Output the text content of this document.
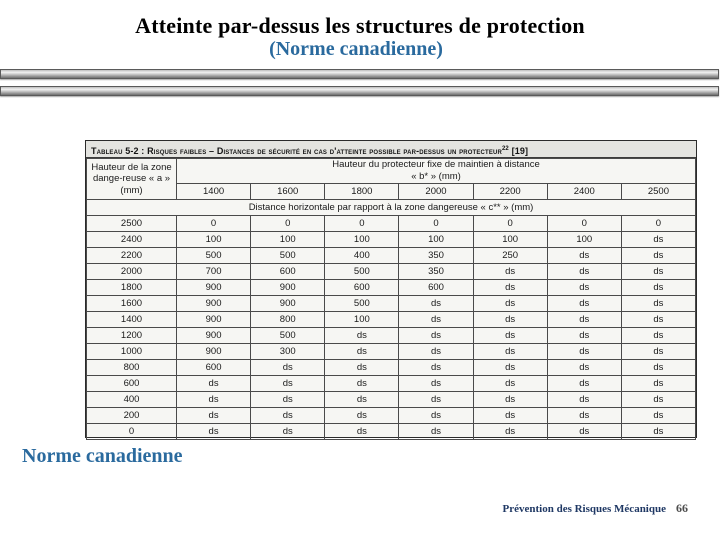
Atteinte par-dessus les structures de protection
(Norme canadienne)
Tableau 5-2 : Risques faibles – Distances de sécurité en cas d'atteinte possible par-dessus un protecteur$^{22}$ [19]
Hauteur de la zone dange-reuse « a » (mm)	Hauteur du protecteur fixe de maintien à distance
« b* » (mm)						
	1400	1600	1800	2000	2200	2400	2500
Distance horizontale par rapport à la zone dangereuse « c** » (mm)							
2500	0	0	0	0	0	0	0
2400	100	100	100	100	100	100	ds
2200	500	500	400	350	250	ds	ds
2000	700	600	500	350	ds	ds	ds
1800	900	900	600	600	ds	ds	ds
1600	900	900	500	ds	ds	ds	ds
1400	900	800	100	ds	ds	ds	ds
1200	900	500	ds	ds	ds	ds	ds
1000	900	300	ds	ds	ds	ds	ds
800	600	ds	ds	ds	ds	ds	ds
600	ds	ds	ds	ds	ds	ds	ds
400	ds	ds	ds	ds	ds	ds	ds
200	ds	ds	ds	ds	ds	ds	ds
0	ds	ds	ds	ds	ds	ds	ds
Norme canadienne
Prévention des Risques Mécanique 66
